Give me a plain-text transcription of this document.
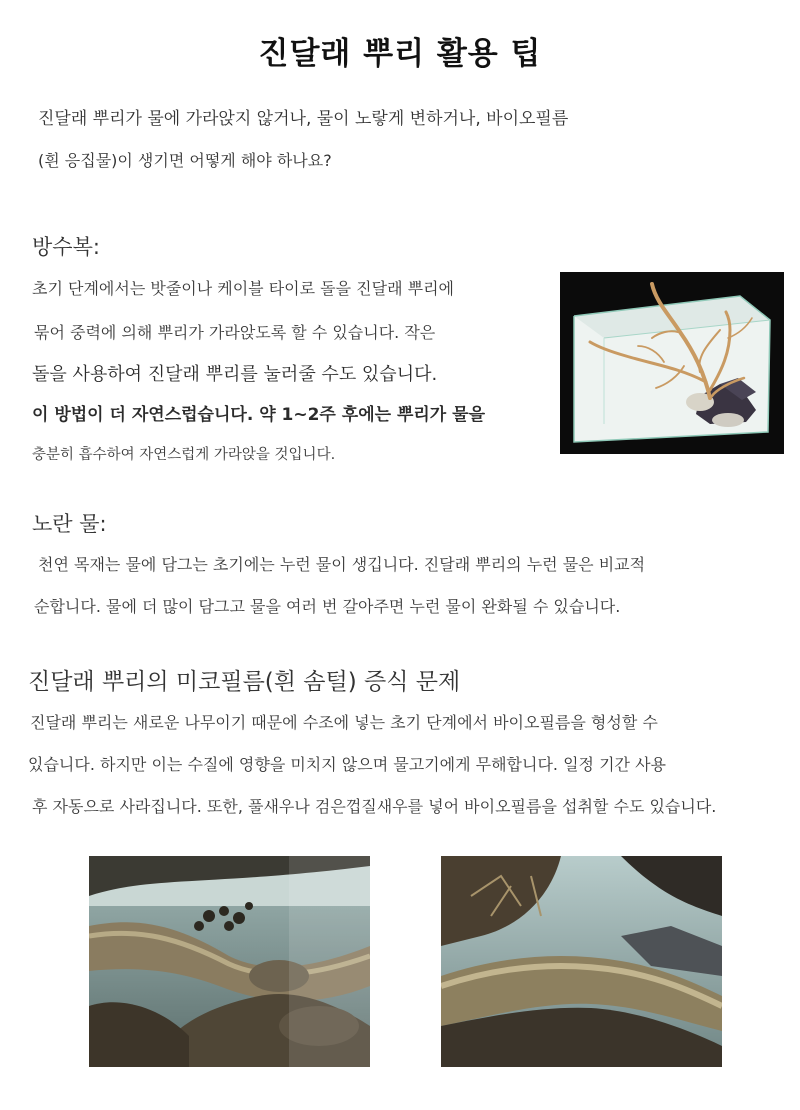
진달래 뿌리 활용 팁
진달래 뿌리가 물에 가라앉지 않거나, 물이 노랗게 변하거나, 바이오필름
(흰 응집물)이 생기면 어떻게 해야 하나요?
방수복:
초기 단계에서는 밧줄이나 케이블 타이로 돌을 진달래 뿌리에
묶어 중력에 의해 뿌리가 가라앉도록 할 수 있습니다. 작은
돌을 사용하여 진달래 뿌리를 눌러줄 수도 있습니다.
이 방법이 더 자연스럽습니다. 약 1~2주 후에는 뿌리가 물을
충분히 흡수하여 자연스럽게 가라앉을 것입니다.
노란 물:
천연 목재는 물에 담그는 초기에는 누런 물이 생깁니다. 진달래 뿌리의 누런 물은 비교적
순합니다. 물에 더 많이 담그고 물을 여러 번 갈아주면 누런 물이 완화될 수 있습니다.
진달래 뿌리의 미코필름(흰 솜털) 증식 문제
진달래 뿌리는 새로운 나무이기 때문에 수조에 넣는 초기 단계에서 바이오필름을 형성할 수
있습니다. 하지만 이는 수질에 영향을 미치지 않으며 물고기에게 무해합니다. 일정 기간 사용
후 자동으로 사라집니다. 또한, 풀새우나 검은껍질새우를 넣어 바이오필름을 섭취할 수도 있습니다.
